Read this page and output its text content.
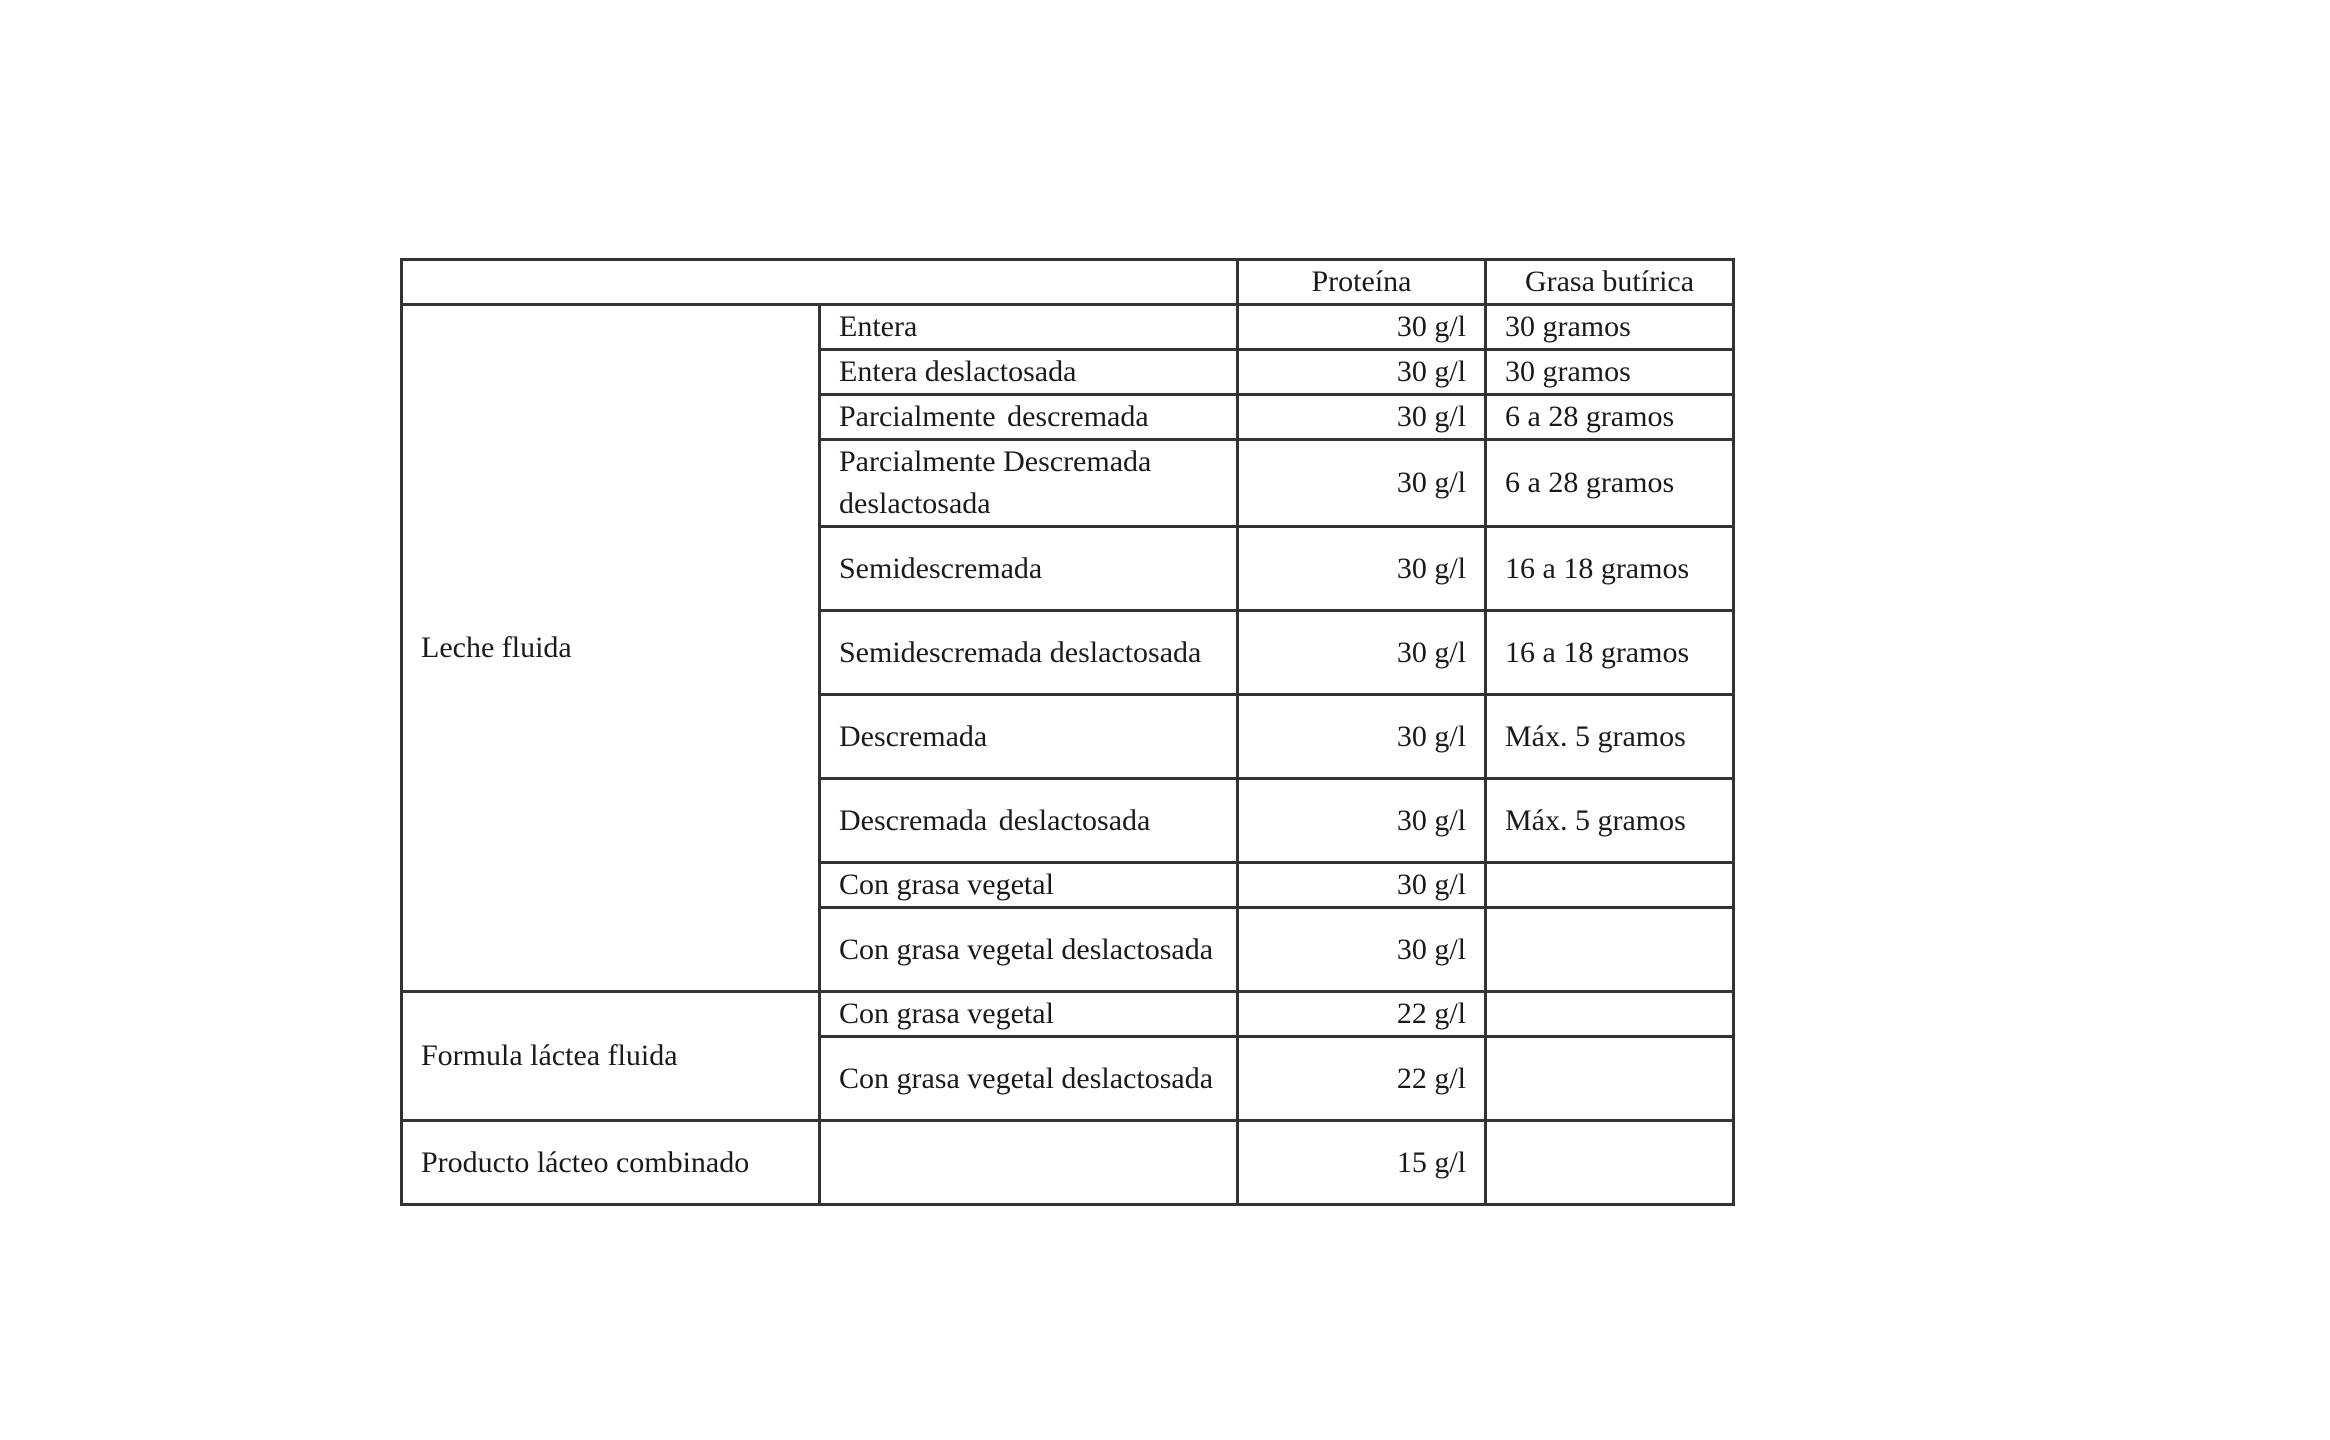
		Proteína	Grasa butírica
Leche fluida	Entera	30 g/l	30 gramos
	Entera deslactosada	30 g/l	30 gramos
	Parcialmente descremada	30 g/l	6 a 28 gramos
	Parcialmente Descremada deslactosada	30 g/l	6 a 28 gramos
	Semidescremada	30 g/l	16 a 18 gramos
	Semidescremada deslactosada	30 g/l	16 a 18 gramos
	Descremada	30 g/l	Máx. 5 gramos
	Descremada deslactosada	30 g/l	Máx. 5 gramos
	Con grasa vegetal	30 g/l	
	Con grasa vegetal deslactosada	30 g/l	
Formula láctea fluida	Con grasa vegetal	22 g/l	
	Con grasa vegetal deslactosada	22 g/l	
Producto lácteo combinado		15 g/l	
